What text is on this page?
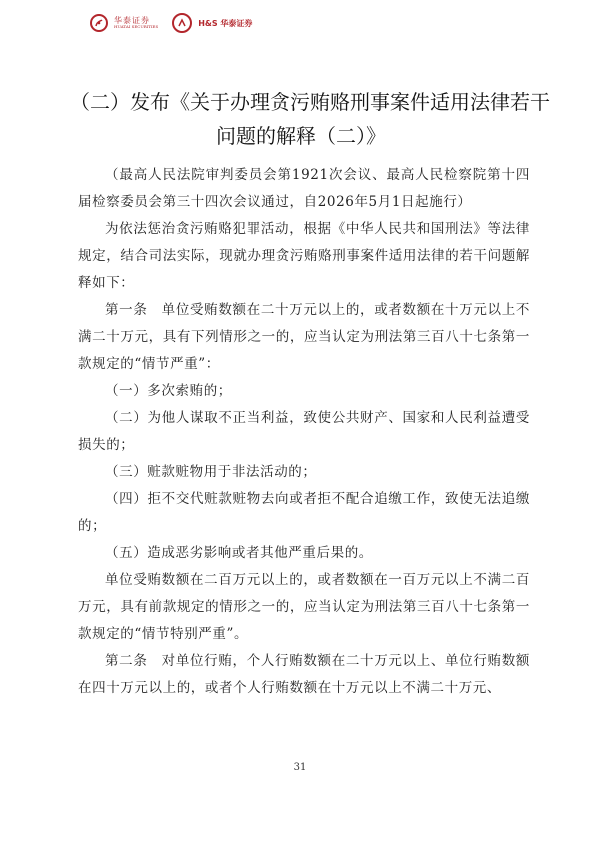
华泰证券
HUATAI SECURITIES	H&S 华泰证券
（二）发布《关于办理贪污贿赂刑事案件适用法律若干
问题的解释（二）》

（最高人民法院审判委员会第1921次会议、最高人民检察院第十四届检察委员会第三十四次会议通过，自2026年5月1日起施行）

为依法惩治贪污贿赂犯罪活动，根据《中华人民共和国刑法》等法律规定，结合司法实际，现就办理贪污贿赂刑事案件适用法律的若干问题解释如下：

第一条　单位受贿数额在二十万元以上的，或者数额在十万元以上不满二十万元，具有下列情形之一的，应当认定为刑法第三百八十七条第一款规定的“情节严重”：

（一）多次索贿的；

（二）为他人谋取不正当利益，致使公共财产、国家和人民利益遭受损失的；

（三）赃款赃物用于非法活动的；

（四）拒不交代赃款赃物去向或者拒不配合追缴工作，致使无法追缴的；

（五）造成恶劣影响或者其他严重后果的。

单位受贿数额在二百万元以上的，或者数额在一百万元以上不满二百万元，具有前款规定的情形之一的，应当认定为刑法第三百八十七条第一款规定的“情节特别严重”。

第二条　对单位行贿，个人行贿数额在二十万元以上、单位行贿数额在四十万元以上的，或者个人行贿数额在十万元以上不满二十万元、

31
